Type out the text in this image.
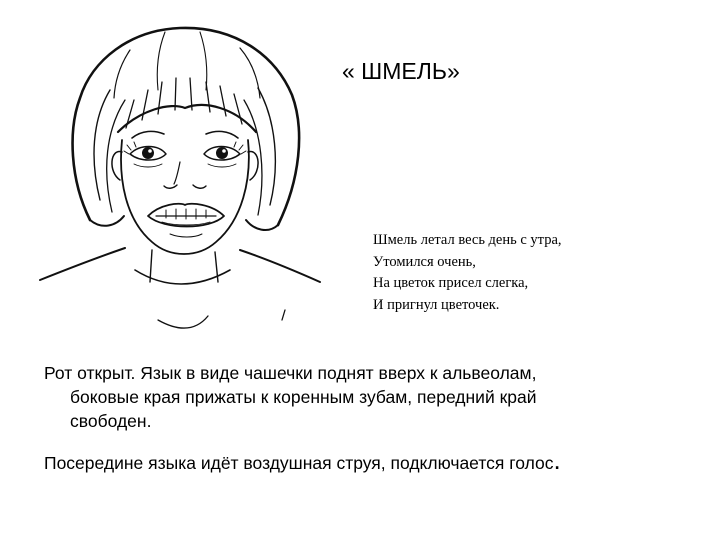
« ШМЕЛЬ»
Шмель летал весь день с утра,
Утомился очень,
На цветок присел слегка,
И пригнул цветочек.
Рот открыт. Язык в виде чашечки поднят вверх к альвеолам,
боковые края прижаты к коренным зубам, передний край
свободен.
Посередине языка идёт воздушная струя, подключается голос.
